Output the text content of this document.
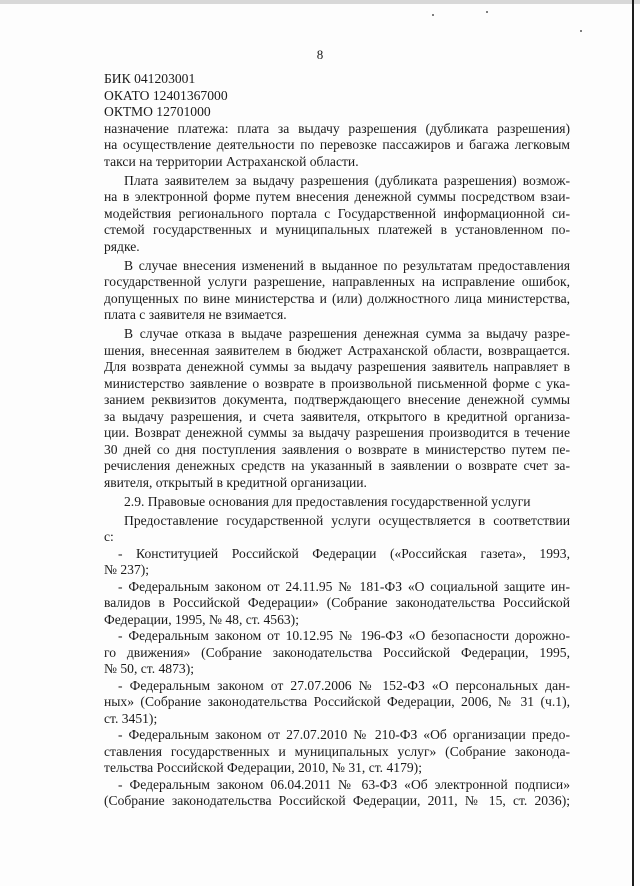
8
БИК 041203001
ОКАТО 12401367000
ОКТМО 12701000
назначение платежа: плата за выдачу разрешения (дубликата разрешения)
на осуществление деятельности по перевозке пассажиров и багажа легковым
такси на территории Астраханской области.
Плата заявителем за выдачу разрешения (дубликата разрешения) возмож-
на в электронной форме путем внесения денежной суммы посредством взаи-
модействия регионального портала с Государственной информационной си-
стемой государственных и муниципальных платежей в установленном по-
рядке.
В случае внесения изменений в выданное по результатам предоставления
государственной услуги разрешение, направленных на исправление ошибок,
допущенных по вине министерства и (или) должностного лица министерства,
плата с заявителя не взимается.
В случае отказа в выдаче разрешения денежная сумма за выдачу разре-
шения, внесенная заявителем в бюджет Астраханской области, возвращается.
Для возврата денежной суммы за выдачу разрешения заявитель направляет в
министерство заявление о возврате в произвольной письменной форме с ука-
занием реквизитов документа, подтверждающего внесение денежной суммы
за выдачу разрешения, и счета заявителя, открытого в кредитной организа-
ции. Возврат денежной суммы за выдачу разрешения производится в течение
30 дней со дня поступления заявления о возврате в министерство путем пе-
речисления денежных средств на указанный в заявлении о возврате счет за-
явителя, открытый в кредитной организации.
2.9. Правовые основания для предоставления государственной услуги
Предоставление государственной услуги осуществляется в соответствии
с:
- Конституцией Российской Федерации («Российская газета», 1993,
№ 237);
- Федеральным законом от 24.11.95 № 181-ФЗ «О социальной защите ин-
валидов в Российской Федерации» (Собрание законодательства Российской
Федерации, 1995, № 48, ст. 4563);
- Федеральным законом от 10.12.95 № 196-ФЗ «О безопасности дорожно-
го движения» (Собрание законодательства Российской Федерации, 1995,
№ 50, ст. 4873);
- Федеральным законом от 27.07.2006 № 152-ФЗ «О персональных дан-
ных» (Собрание законодательства Российской Федерации, 2006, № 31 (ч.1),
ст. 3451);
- Федеральным законом от 27.07.2010 № 210-ФЗ «Об организации предо-
ставления государственных и муниципальных услуг» (Собрание законода-
тельства Российской Федерации, 2010, № 31, ст. 4179);
- Федеральным законом 06.04.2011 № 63-ФЗ «Об электронной подписи»
(Собрание законодательства Российской Федерации, 2011, № 15, ст. 2036);
